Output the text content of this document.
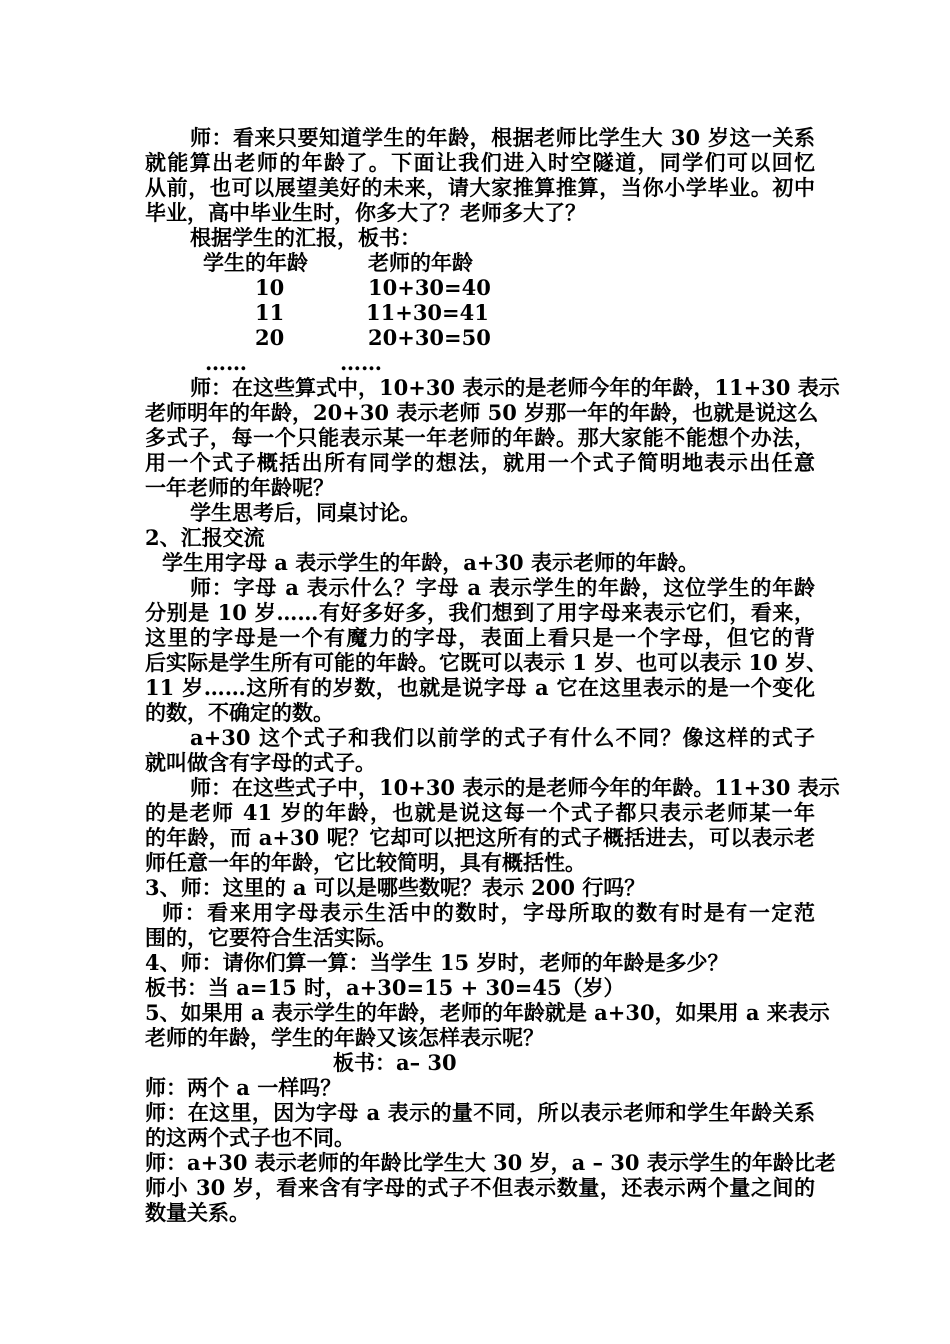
师：看来只要知道学生的年龄，根据老师比学生大 30 岁这一关系
就能算出老师的年龄了。下面让我们进入时空隧道，同学们可以回忆
从前，也可以展望美好的未来，请大家推算推算，当你小学毕业。初中
毕业，高中毕业生时，你多大了？老师多大了？
根据学生的汇报，板书：
学生的年龄	老师的年龄
10	10+30=40
11	11+30=41
20	20+30=50
……	……
师：在这些算式中，10+30 表示的是老师今年的年龄，11+30 表示
老师明年的年龄，20+30 表示老师 50 岁那一年的年龄，也就是说这么
多式子，每一个只能表示某一年老师的年龄。那大家能不能想个办法，
用一个式子概括出所有同学的想法，就用一个式子简明地表示出任意
一年老师的年龄呢？
学生思考后，同桌讨论。
2、汇报交流
学生用字母 a 表示学生的年龄，a+30 表示老师的年龄。
师：字母 a 表示什么？字母 a 表示学生的年龄，这位学生的年龄
分别是 10 岁……有好多好多，我们想到了用字母来表示它们，看来，
这里的字母是一个有魔力的字母，表面上看只是一个字母，但它的背
后实际是学生所有可能的年龄。它既可以表示 1 岁、也可以表示 10 岁、
11 岁……这所有的岁数，也就是说字母 a 它在这里表示的是一个变化
的数，不确定的数。
a+30 这个式子和我们以前学的式子有什么不同？像这样的式子
就叫做含有字母的式子。
师：在这些式子中，10+30 表示的是老师今年的年龄。11+30 表示
的是老师 41 岁的年龄，也就是说这每一个式子都只表示老师某一年
的年龄，而 a+30 呢？它却可以把这所有的式子概括进去，可以表示老
师任意一年的年龄，它比较简明，具有概括性。
3、师：这里的 a 可以是哪些数呢？表示 200 行吗？
师：看来用字母表示生活中的数时，字母所取的数有时是有一定范
围的，它要符合生活实际。
4、师：请你们算一算：当学生 15 岁时，老师的年龄是多少？
板书：当 a=15 时，a+30=15 + 30=45（岁）
5、如果用 a 表示学生的年龄，老师的年龄就是 a+30，如果用 a 来表示
老师的年龄，学生的年龄又该怎样表示呢？
板书：a– 30
师：两个 a 一样吗？
师：在这里，因为字母 a 表示的量不同，所以表示老师和学生年龄关系
的这两个式子也不同。
师：a+30 表示老师的年龄比学生大 30 岁，a – 30 表示学生的年龄比老
师小 30 岁，看来含有字母的式子不但表示数量，还表示两个量之间的
数量关系。
